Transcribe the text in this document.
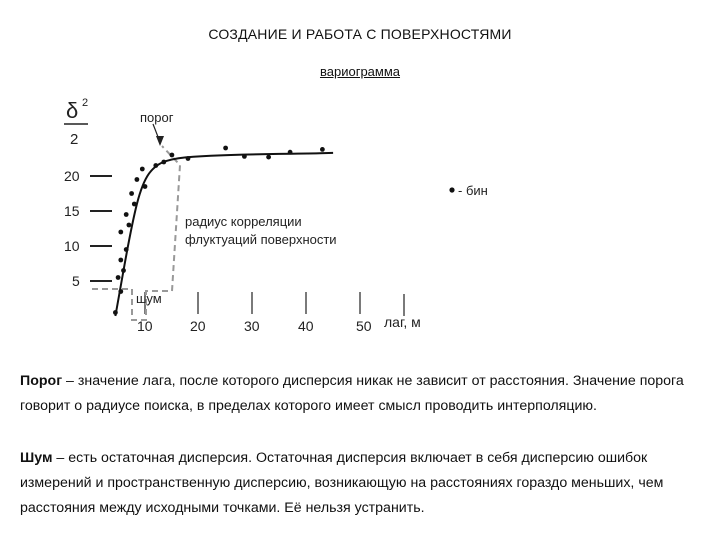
СОЗДАНИЕ И РАБОТА С ПОВЕРХНОСТЯМИ
вариограмма
δ 2
2
20
15
10
5
10	20	30	40	50 лаг, м
порог
радиус корреляции
флуктуаций поверхности
шум
- бин
Порог – значение лага, после которого дисперсия никак не зависит от расстояния. Значение порога говорит о радиусе поиска, в пределах которого имеет смысл проводить интерполяцию.
Шум – есть остаточная дисперсия. Остаточная дисперсия включает в себя дисперсию ошибок измерений и пространственную дисперсию, возникающую на расстояниях гораздо меньших, чем расстояния между исходными точками. Её нельзя устранить.
